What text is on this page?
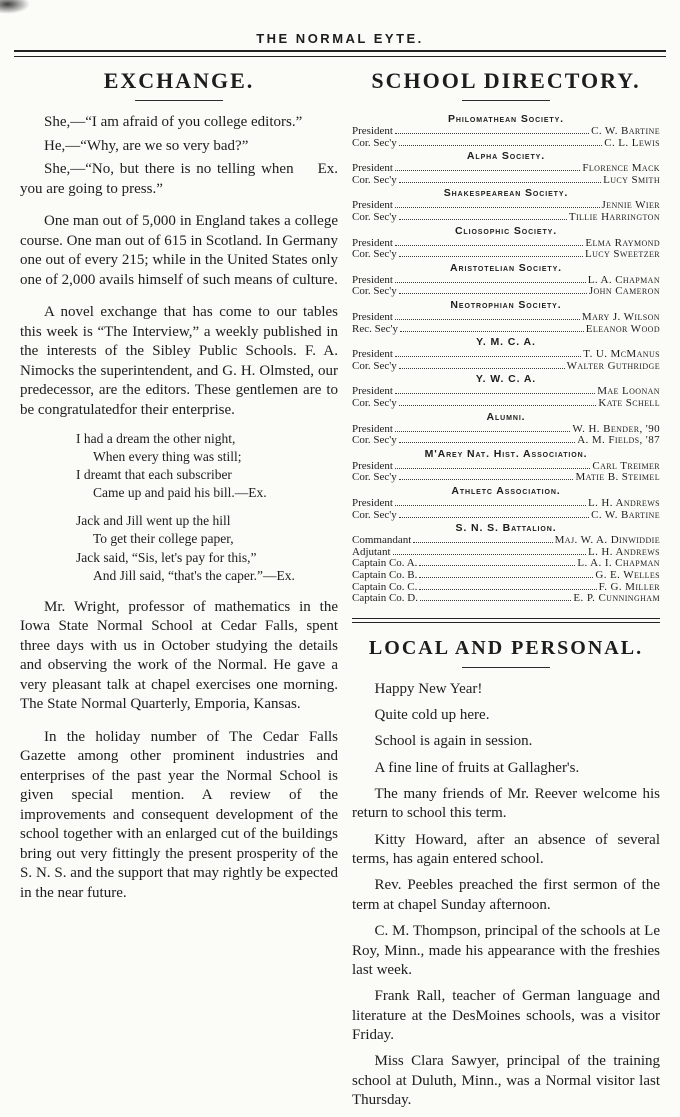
THE NORMAL EYTE.
EXCHANGE.

She,—“I am afraid of you college editors.”

He,—“Why, are we so very bad?”

Ex.
She,—“No, but there is no telling when you are going to press.”

One man out of 5,000 in England takes a college course. One man out of 615 in Scotland. In Germany one out of every 215; while in the United States only one of 2,000 avails himself of such means of culture.

A novel exchange that has come to our tables this week is “The Interview,” a weekly published in the interests of the Sibley Public Schools. F. A. Nimocks the superintendent, and G. H. Olmsted, our predecessor, are the editors. These gentlemen are to be congratulatedfor their enterprise.

I had a dream the other night,
When every thing was still;
I dreamt that each subscriber
Came up and paid his bill.—Ex.
Jack and Jill went up the hill
To get their college paper,
Jack said, “Sis, let's pay for this,”
And Jill said, “that's the caper.”—Ex.

Mr. Wright, professor of mathematics in the Iowa State Normal School at Cedar Falls, spent three days with us in October studying the details and observing the work of the Normal. He gave a very pleasant talk at chapel exercises one morning. The State Normal Quarterly, Emporia, Kansas.

In the holiday number of The Cedar Falls Gazette among other prominent industries and enterprises of the past year the Normal School is given special mention. A review of the improvements and consequent development of the school together with an enlarged cut of the buildings bring out very fittingly the present prosperity of the S. N. S. and the support that may rightly be expected in the near future.

SCHOOL DIRECTORY.
Philomathean Society.
President	C. W. Bartine
Cor. Sec'y	C. L. Lewis
Alpha Society.
President	Florence Mack
Cor. Sec'y	Lucy Smith
Shakespearean Society.
President	Jennie Wier
Cor. Sec'y	Tillie Harrington
Cliosophic Society.
President	Elma Raymond
Cor. Sec'y	Lucy Sweetzer
Aristotelian Society.
President	L. A. Chapman
Cor. Sec'y	John Cameron
Neotrophian Society.
President	Mary J. Wilson
Rec. Sec'y	Eleanor Wood
Y. M. C. A.
President	T. U. McManus
Cor. Sec'y	Walter Guthridge
Y. W. C. A.
President	Mae Loonan
Cor. Sec'y	Kate Schell
Alumni.
President	W. H. Bender, '90
Cor. Sec'y	A. M. Fields, '87
M'Arey Nat. Hist. Association.
President	Carl Treimer
Cor. Sec'y	Matie B. Steimel
Athletc Association.
President	L. H. Andrews
Cor. Sec'y	C. W. Bartine
S. N. S. Battalion.
Commandant	Maj. W. A. Dinwiddie
Adjutant	L. H. Andrews
Captain Co. A.	L. A. I. Chapman
Captain Co. B.	G. E. Welles
Captain Co. C.	F. G. Miller
Captain Co. D.	E. P. Cunningham
LOCAL AND PERSONAL.

Happy New Year!

Quite cold up here.

School is again in session.

A fine line of fruits at Gallagher's.

The many friends of Mr. Reever welcome his return to school this term.

Kitty Howard, after an absence of several terms, has again entered school.

Rev. Peebles preached the first sermon of the term at chapel Sunday afternoon.

C. M. Thompson, principal of the schools at Le Roy, Minn., made his appearance with the freshies last week.

Frank Rall, teacher of German language and literature at the DesMoines schools, was a visitor Friday.

Miss Clara Sawyer, principal of the training school at Duluth, Minn., was a Normal visitor last Thursday.
